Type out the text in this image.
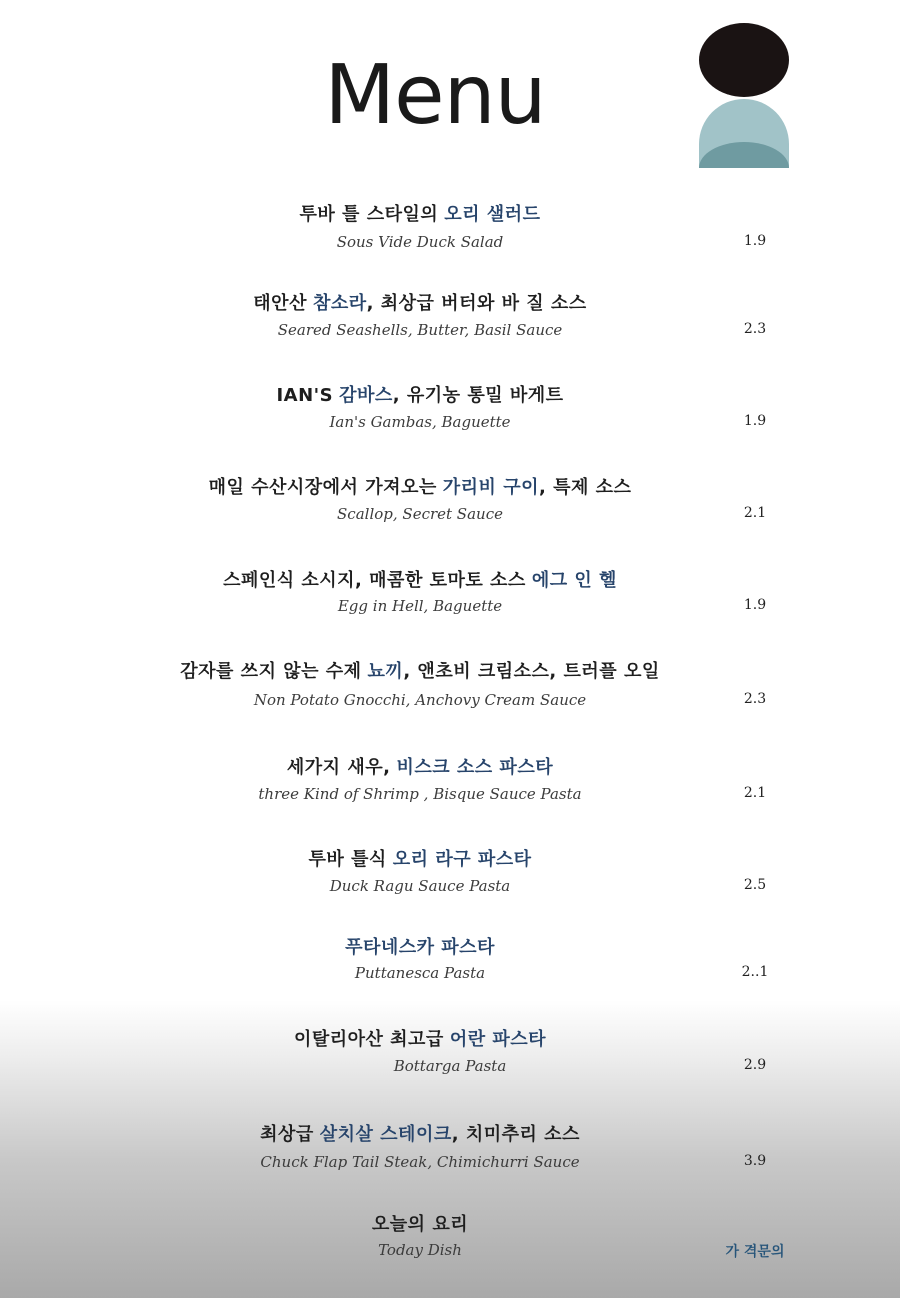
Menu
투바 틀 스타일의 오리 샐러드
Sous Vide Duck Salad	1.9
태안산 참소라, 최상급 버터와 바 질 소스
Seared Seashells, Butter, Basil Sauce	2.3
IAN'S 감바스, 유기농 통밀 바게트
Ian's Gambas, Baguette	1.9
매일 수산시장에서 가져오는 가리비 구이, 특제 소스
Scallop, Secret Sauce	2.1
스페인식 소시지, 매콤한 토마토 소스 에그 인 헬
Egg in Hell, Baguette	1.9
감자를 쓰지 않는 수제 뇨끼, 앤초비 크림소스, 트러플 오일
Non Potato Gnocchi, Anchovy Cream Sauce	2.3
세가지 새우, 비스크 소스 파스타
three Kind of Shrimp , Bisque Sauce Pasta	2.1
투바 틀식 오리 라구 파스타
Duck Ragu Sauce Pasta	2.5
푸타네스카 파스타
Puttanesca Pasta	2..1
이탈리아산 최고급 어란 파스타
Bottarga Pasta	2.9
최상급 살치살 스테이크, 치미추리 소스
Chuck Flap Tail Steak, Chimichurri Sauce	3.9
오늘의 요리
Today Dish	가 격문의
